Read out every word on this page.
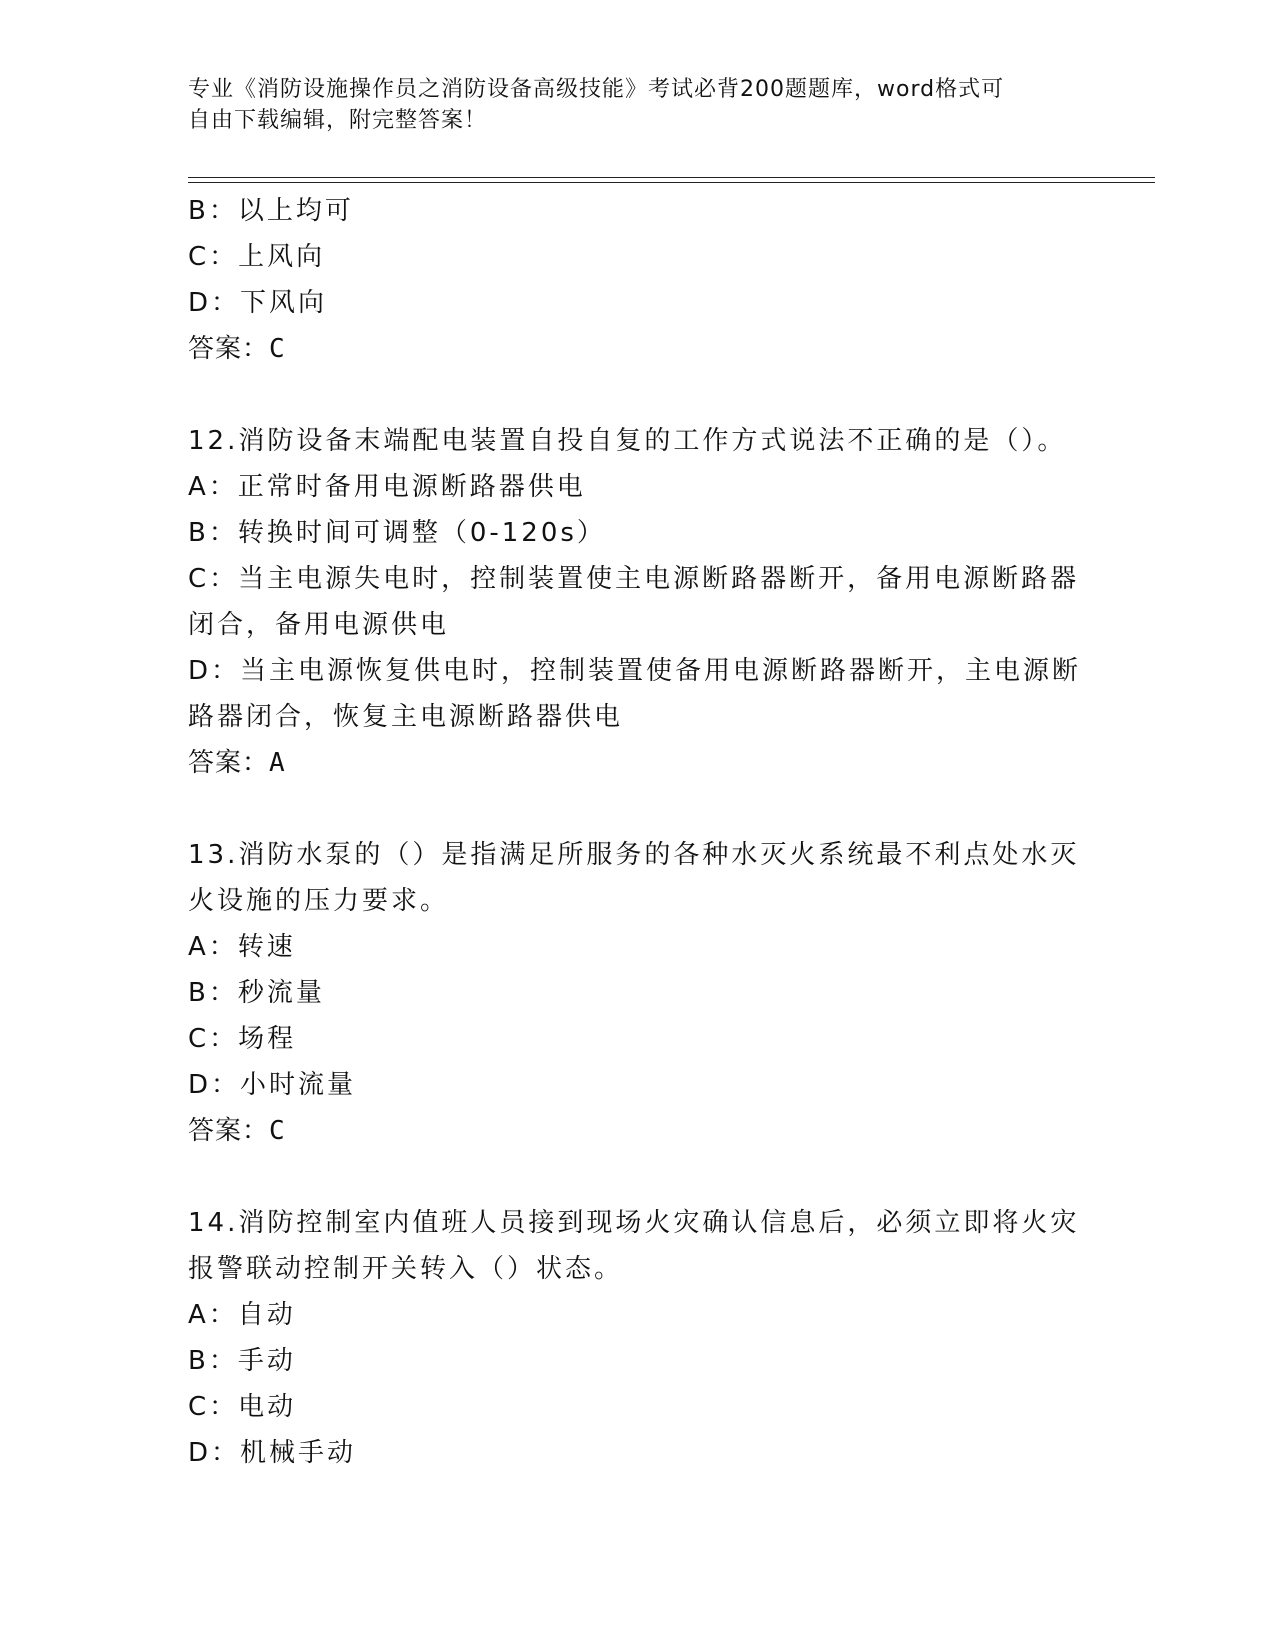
专业《消防设施操作员之消防设备高级技能》考试必背200题题库，word格式可
自由下载编辑，附完整答案！
B：以上均可
C：上风向
D：下风向
答案：C
12.消防设备末端配电装置自投自复的工作方式说法不正确的是（）。
A：正常时备用电源断路器供电
B：转换时间可调整（0-120s）
C：当主电源失电时，控制装置使主电源断路器断开，备用电源断路器
闭合，备用电源供电
D：当主电源恢复供电时，控制装置使备用电源断路器断开，主电源断
路器闭合，恢复主电源断路器供电
答案：A
13.消防水泵的（）是指满足所服务的各种水灭火系统最不利点处水灭
火设施的压力要求。
A：转速
B：秒流量
C：场程
D：小时流量
答案：C
14.消防控制室内值班人员接到现场火灾确认信息后，必须立即将火灾
报警联动控制开关转入（）状态。
A：自动
B：手动
C：电动
D：机械手动
